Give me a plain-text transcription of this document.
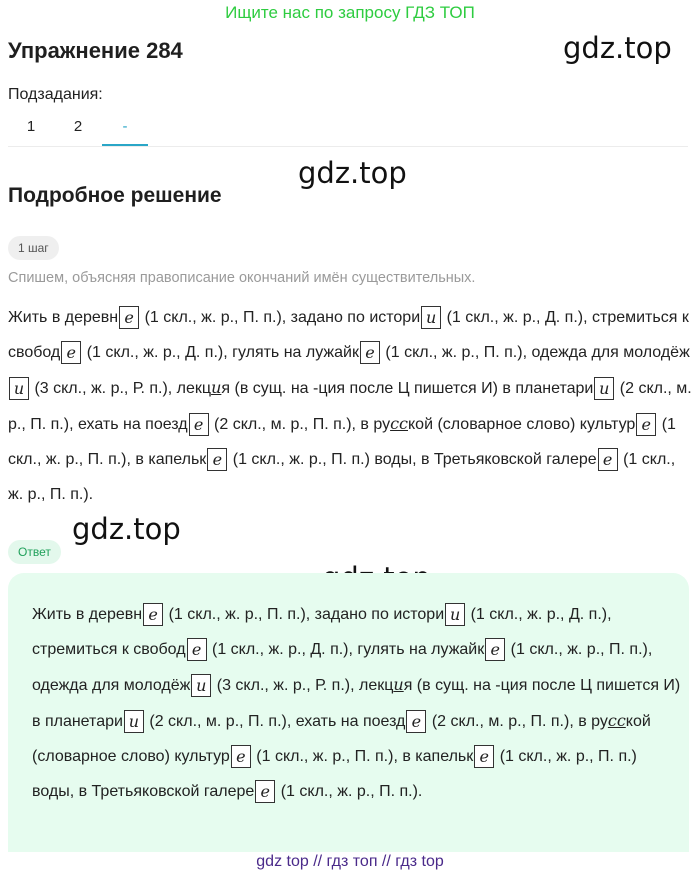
Ищите нас по запросу ГДЗ ТОП
Упражнение 284	gdz.top
gdz.top
gdz.top
Подзадания:
1	2	-
Подробное решение
1 шаг
Спишем, объясняя правописание окончаний имён существительных.
Жить в деревн е (1 скл., ж. р., П. п.), задано по истори и (1 скл., ж. р., Д. п.), стремиться к свобод е (1 скл., ж. р., Д. п.), гулять на лужайк е (1 скл., ж. р., П. п.), одежда для молодёжи (3 скл., ж. р., Р. п.), лекция (в сущ. на -ция после Ц пишется И) в планетари и (2 скл., м. р., П. п.), ехать на поезд е (2 скл., м. р., П. п.), в русской (словарное слово) культур е (1 скл., ж. р., П. п.), в капельк е (1 скл., ж. р., П. п.) воды, в Третьяковской галере е (1 скл., ж. р., П. п.).
Ответ
Жить в деревн е (1 скл., ж. р., П. п.), задано по истори и (1 скл., ж. р., Д. п.), стремиться к свобод е (1 скл., ж. р., Д. п.), гулять на лужайк е (1 скл., ж. р., П. п.), одежда для молодёж и (3 скл., ж. р., Р. п.), лекция (в сущ. на -ция после Ц пишется И) в планетари и (2 скл., м. р., П. п.), ехать на поезд е (2 скл., м. р., П. п.), в русской (словарное слово) культур е (1 скл., ж. р., П. п.), в капельк е (1 скл., ж. р., П. п.) воды, в Третьяковской галере е (1 скл., ж. р., П. п.).
gdz top // гдз топ // гдз top
